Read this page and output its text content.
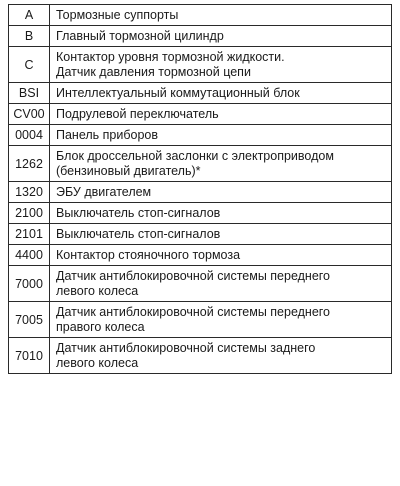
A	Тормозные суппорты

B	Главный тормозной цилиндр

C	Контактор уровня тормозной жидкости.
Датчик давления тормозной цепи

BSI	Интеллектуальный коммутационный блок

CV00	Подрулевой переключатель

0004	Панель приборов

1262	Блок дроссельной заслонки с электроприводом
(бензиновый двигатель)*

1320	ЭБУ двигателем

2100	Выключатель стоп-сигналов

2101	Выключатель стоп-сигналов

4400	Контактор стояночного тормоза

7000	Датчик антиблокировочной системы переднего
левого колеса

7005	Датчик антиблокировочной системы переднего
правого колеса

7010	Датчик антиблокировочной системы заднего
левого колеса
